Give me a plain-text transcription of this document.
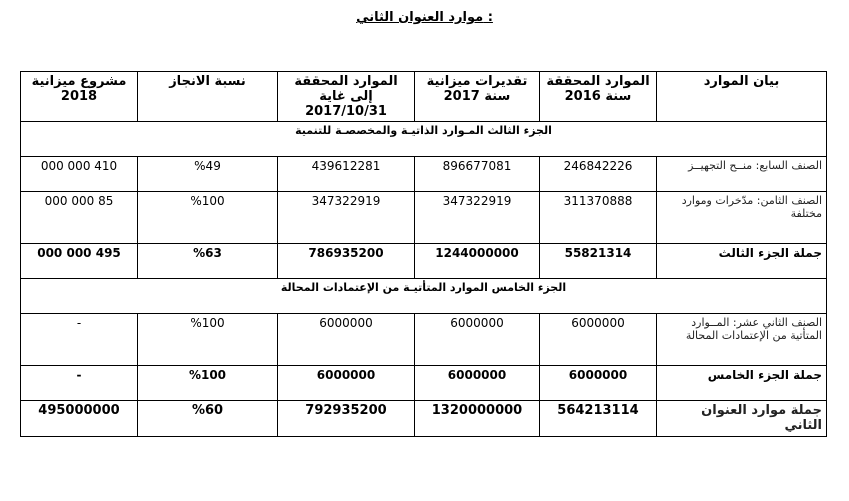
موارد العنوان الثاني :
بيان الموارد	الموارد المحققة سنة 2016	تقديرات ميزانية سنة 2017	الموارد المحققة إلى غاية 2017/10/31	نسبة الانجاز	مشروع ميزانية 2018
الجزء الثالث المـوارد الذاتيـة والمخصصـة للتنمية					
الصنف السابع: منــح التجهيــز	246842226	896677081	439612281	%49	410 000 000
الصنف الثامن: مدّخرات وموارد مختلفة	311370888	347322919	347322919	%100	85 000 000
جملة الجزء الثالث	55821314	1244000000	786935200	%63	495 000 000
الجزء الخامس الموارد المتأتيـة من الإعتمادات المحالة					
الصنف الثاني عشر: المــوارد المتأتية من الإعتمادات المحالة	6000000	6000000	6000000	%100	-
جملة الجزء الخامس	6000000	6000000	6000000	%100	-
جملة موارد العنوان الثاني	564213114	1320000000	792935200	%60	495000000
